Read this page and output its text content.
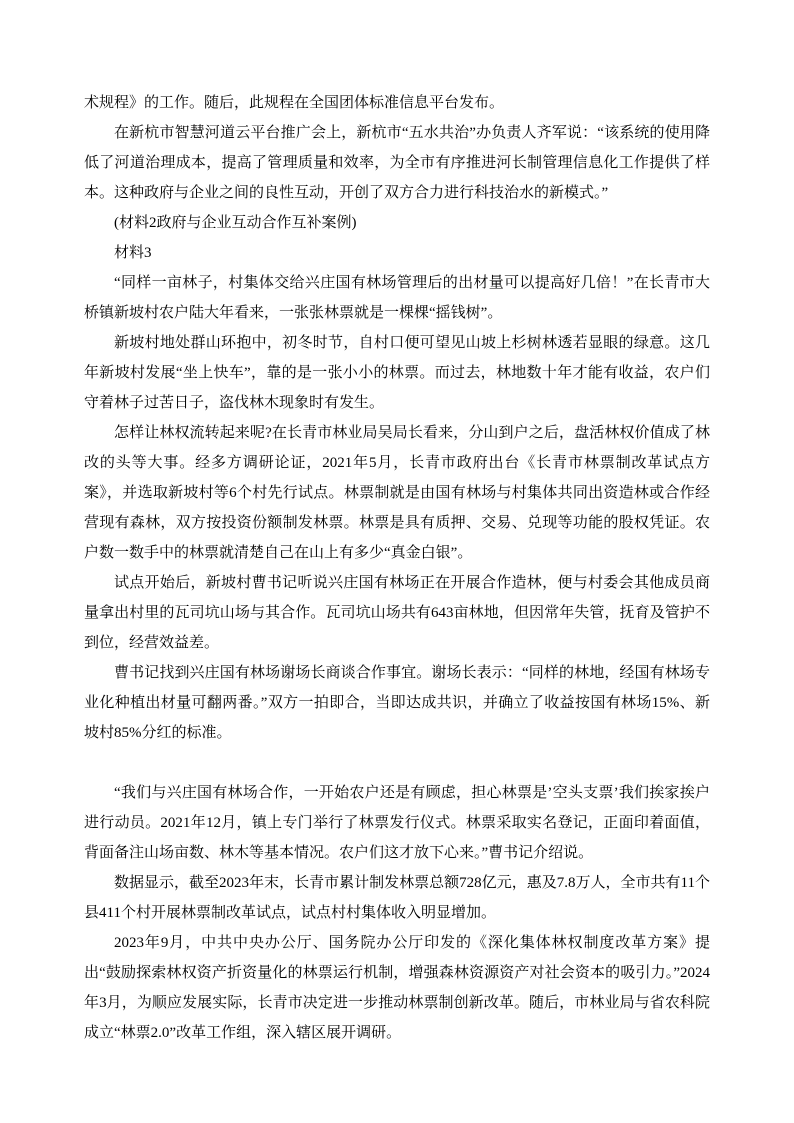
术规程》的工作。随后，此规程在全国团体标准信息平台发布。

在新杭市智慧河道云平台推广会上，新杭市“五水共治”办负责人齐军说：“该系统的使用降低了河道治理成本，提高了管理质量和效率，为全市有序推进河长制管理信息化工作提供了样本。这种政府与企业之间的良性互动，开创了双方合力进行科技治水的新模式。”

(材料2政府与企业互动合作互补案例)

材料3

“同样一亩林子，村集体交给兴庄国有林场管理后的出材量可以提高好几倍！”在长青市大桥镇新坡村农户陆大年看来，一张张林票就是一棵棵“摇钱树”。

新坡村地处群山环抱中，初冬时节，自村口便可望见山坡上杉树林透若显眼的绿意。这几年新坡村发展“坐上快车”，靠的是一张小小的林票。而过去，林地数十年才能有收益，农户们守着林子过苦日子，盗伐林木现象时有发生。

怎样让林权流转起来呢?在长青市林业局吴局长看来，分山到户之后，盘活林权价值成了林改的头等大事。经多方调研论证，2021年5月，长青市政府出台《长青市林票制改革试点方案》，并选取新坡村等6个村先行试点。林票制就是由国有林场与村集体共同出资造林或合作经营现有森林，双方按投资份额制发林票。林票是具有质押、交易、兑现等功能的股权凭证。农户数一数手中的林票就清楚自己在山上有多少“真金白银”。

试点开始后，新坡村曹书记听说兴庄国有林场正在开展合作造林，便与村委会其他成员商量拿出村里的瓦司坑山场与其合作。瓦司坑山场共有643亩林地，但因常年失管，抚育及管护不到位，经营效益差。

曹书记找到兴庄国有林场谢场长商谈合作事宜。谢场长表示：“同样的林地，经国有林场专业化种植出材量可翻两番。”双方一拍即合，当即达成共识，并确立了收益按国有林场15%、新坡村85%分红的标准。

“我们与兴庄国有林场合作，一开始农户还是有顾虑，担心林票是’空头支票’我们挨家挨户进行动员。2021年12月，镇上专门举行了林票发行仪式。林票采取实名登记，正面印着面值，背面备注山场亩数、林木等基本情况。农户们这才放下心来。”曹书记介绍说。

数据显示，截至2023年末，长青市累计制发林票总额728亿元，惠及7.8万人，全市共有11个县411个村开展林票制改革试点，试点村村集体收入明显增加。

2023年9月，中共中央办公厅、国务院办公厅印发的《深化集体林权制度改革方案》提出“鼓励探索林权资产折资量化的林票运行机制，增强森林资源资产对社会资本的吸引力。”2024年3月，为顺应发展实际，长青市决定进一步推动林票制创新改革。随后，市林业局与省农科院成立“林票2.0”改革工作组，深入辖区展开调研。
